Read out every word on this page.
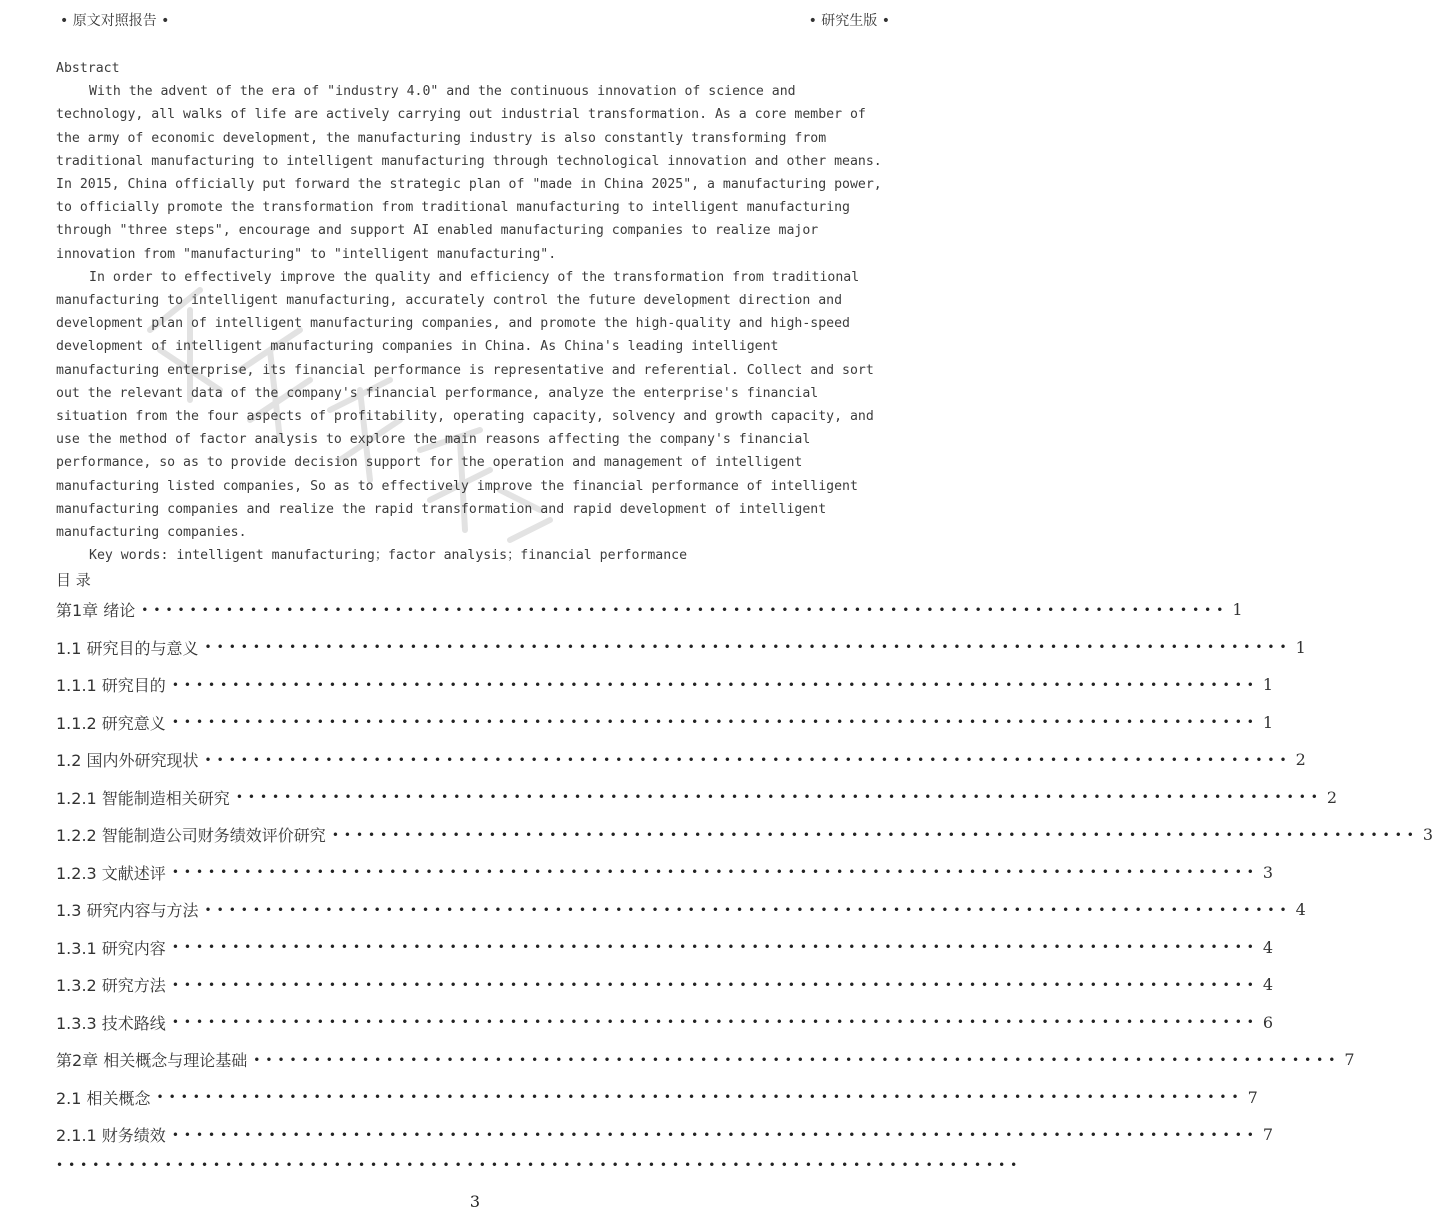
• 原文对照报告 •	• 研究生版 •

Abstract

With the advent of the era of "industry 4.0" and the continuous innovation of science and technology, all walks of life are actively carrying out industrial transformation. As a core member of the army of economic development, the manufacturing industry is also constantly transforming from traditional manufacturing to intelligent manufacturing through technological innovation and other means. In 2015, China officially put forward the strategic plan of "made in China 2025", a manufacturing power, to officially promote the transformation from traditional manufacturing to intelligent manufacturing through "three steps", encourage and support AI enabled manufacturing companies to realize major innovation from "manufacturing" to "intelligent manufacturing".

In order to effectively improve the quality and efficiency of the transformation from traditional manufacturing to intelligent manufacturing, accurately control the future development direction and development plan of intelligent manufacturing companies, and promote the high-quality and high-speed development of intelligent manufacturing companies in China. As China's leading intelligent manufacturing enterprise, its financial performance is representative and referential. Collect and sort out the relevant data of the company's financial performance, analyze the enterprise's financial situation from the four aspects of profitability, operating capacity, solvency and growth capacity, and use the method of factor analysis to explore the main reasons affecting the company's financial performance, so as to provide decision support for the operation and management of intelligent manufacturing listed companies, So as to effectively improve the financial performance of intelligent manufacturing companies and realize the rapid transformation and rapid development of intelligent manufacturing companies.

Key words: intelligent manufacturing；factor analysis；financial performance

目 录
第1章 绪论 •••••••••••••••••••••••••••••••••••••••••••••••••••••••••••••••••••••••••••••••••••••••••• 1
1.1 研究目的与意义 •••••••••••••••••••••••••••••••••••••••••••••••••••••••••••••••••••••••••••••••••••••••••• 1
1.1.1 研究目的 •••••••••••••••••••••••••••••••••••••••••••••••••••••••••••••••••••••••••••••••••••••••••• 1
1.1.2 研究意义 •••••••••••••••••••••••••••••••••••••••••••••••••••••••••••••••••••••••••••••••••••••••••• 1
1.2 国内外研究现状 •••••••••••••••••••••••••••••••••••••••••••••••••••••••••••••••••••••••••••••••••••••••••• 2
1.2.1 智能制造相关研究 •••••••••••••••••••••••••••••••••••••••••••••••••••••••••••••••••••••••••••••••••••••••••• 2
1.2.2 智能制造公司财务绩效评价研究 •••••••••••••••••••••••••••••••••••••••••••••••••••••••••••••••••••••••••••••••••••••••••• 3
1.2.3 文献述评 •••••••••••••••••••••••••••••••••••••••••••••••••••••••••••••••••••••••••••••••••••••••••• 3
1.3 研究内容与方法 •••••••••••••••••••••••••••••••••••••••••••••••••••••••••••••••••••••••••••••••••••••••••• 4
1.3.1 研究内容 •••••••••••••••••••••••••••••••••••••••••••••••••••••••••••••••••••••••••••••••••••••••••• 4
1.3.2 研究方法 •••••••••••••••••••••••••••••••••••••••••••••••••••••••••••••••••••••••••••••••••••••••••• 4
1.3.3 技术路线 •••••••••••••••••••••••••••••••••••••••••••••••••••••••••••••••••••••••••••••••••••••••••• 6
第2章 相关概念与理论基础 •••••••••••••••••••••••••••••••••••••••••••••••••••••••••••••••••••••••••••••••••••••••••• 7
2.1 相关概念 •••••••••••••••••••••••••••••••••••••••••••••••••••••••••••••••••••••••••••••••••••••••••• 7
2.1.1 财务绩效 •••••••••••••••••••••••••••••••••••••••••••••••••••••••••••••••••••••••••••••••••••••••••• 7
••••••••••••••••••••••••••••••••••••••••••••••••••••••••••••••••••••••••••••••••
3
